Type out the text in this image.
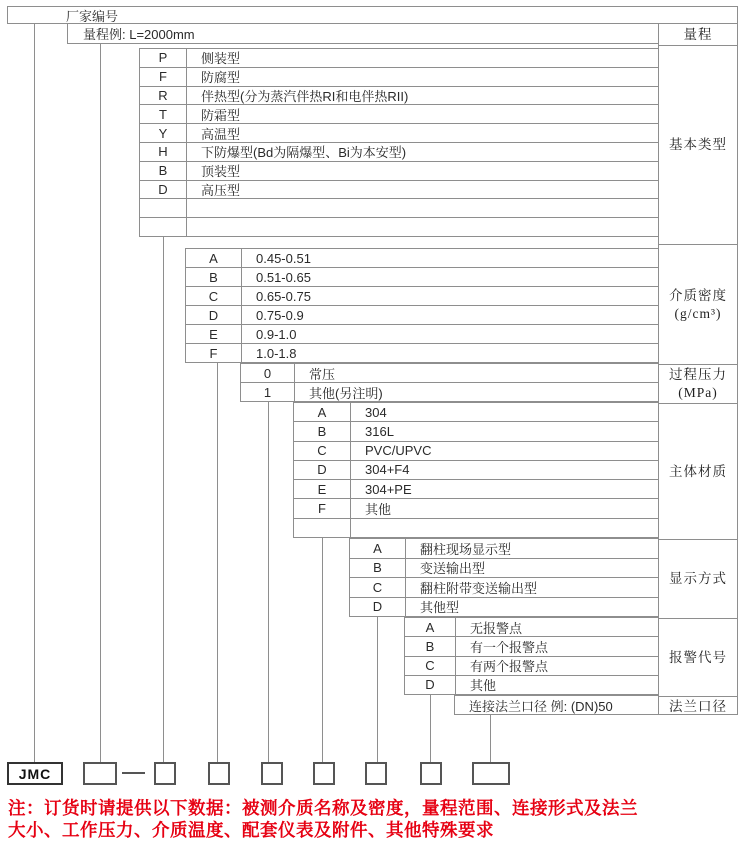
厂家编号
量程例: L=2000mm
P	侧装型
F	防腐型
R	伴热型(分为蒸汽伴热RI和电伴热RII)
T	防霜型
Y	高温型
H	下防爆型(Bd为隔爆型、Bi为本安型)
B	顶装型
D	高压型
A	0.45-0.51
B	0.51-0.65
C	0.65-0.75
D	0.75-0.9
E	0.9-1.0
F	1.0-1.8
0	常压
1	其他(另注明)
A	304
B	316L
C	PVC/UPVC
D	304+F4
E	304+PE
F	其他
A	翻柱现场显示型
B	变送输出型
C	翻柱附带变送输出型
D	其他型
A	无报警点
B	有一个报警点
C	有两个报警点
D	其他
连接法兰口径 例: (DN)50
量程
基本类型
介质密度
(g/cm³)
过程压力
(MPa)
主体材质
显示方式
报警代号
法兰口径
JMC
注：订货时请提供以下数据：被测介质名称及密度，量程范围、连接形式及法兰
大小、工作压力、介质温度、配套仪表及附件、其他特殊要求
